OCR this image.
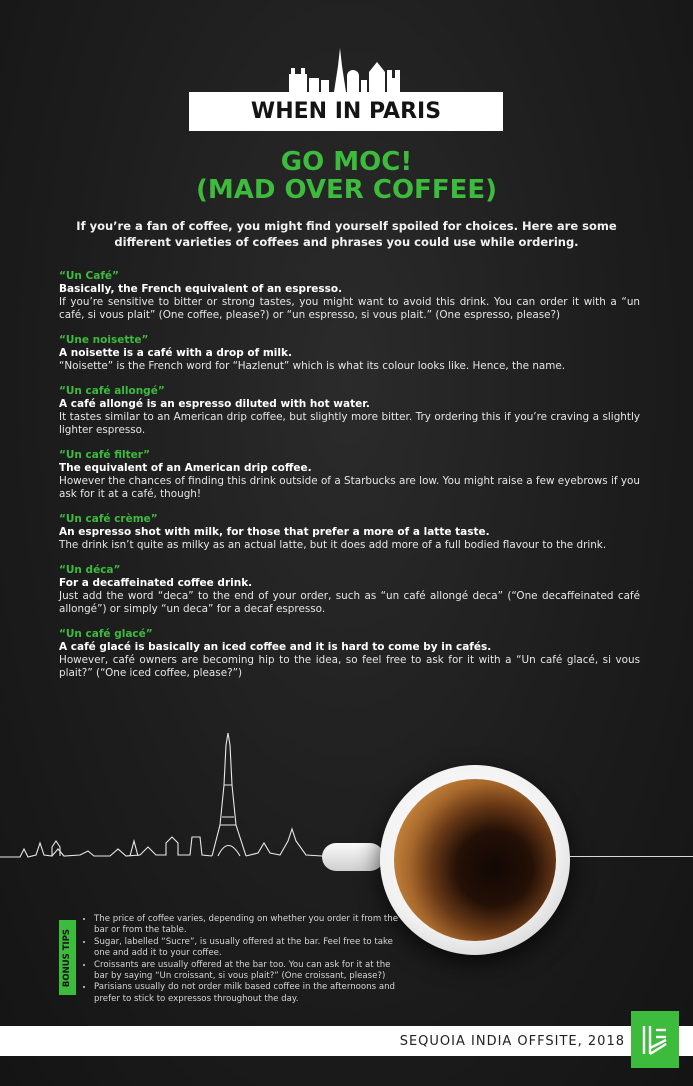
WHEN IN PARIS
GO MOC!
(MAD OVER COFFEE)
If you’re a fan of coffee, you might find yourself spoiled for choices. Here are some different varieties of coffees and phrases you could use while ordering.
“Un Café”
Basically, the French equivalent of an espresso.
If you’re sensitive to bitter or strong tastes, you might want to avoid this drink. You can order it with a “un café, si vous plait” (One coffee, please?) or “un espresso, si vous plait.” (One espresso, please?)
“Une noisette”
A noisette is a café with a drop of milk.
“Noisette” is the French word for “Hazlenut” which is what its colour looks like. Hence, the name.
“Un café allongé”
A café allongé is an espresso diluted with hot water.
It tastes similar to an American drip coffee, but slightly more bitter. Try ordering this if you’re craving a slightly lighter espresso.
“Un café filter”
The equivalent of an American drip coffee.
However the chances of finding this drink outside of a Starbucks are low. You might raise a few eyebrows if you ask for it at a café, though!
“Un café crème”
An espresso shot with milk, for those that prefer a more of a latte taste.
The drink isn’t quite as milky as an actual latte, but it does add more of a full bodied flavour to the drink.
“Un déca”
For a decaffeinated coffee drink.
Just add the word “deca” to the end of your order, such as “un café allongé deca” (“One decaffeinated café allongé”) or simply “un deca” for a decaf espresso.
“Un café glacé”
A café glacé is basically an iced coffee and it is hard to come by in cafés.
However, café owners are becoming hip to the idea, so feel free to ask for it with a “Un café glacé, si vous plait?” (“One iced coffee, please?”)
BONUS TIPS
• The price of coffee varies, depending on whether you order it from the bar or from the table.
• Sugar, labelled “Sucre”, is usually offered at the bar. Feel free to take one and add it to your coffee.
• Croissants are usually offered at the bar too. You can ask for it at the bar by saying “Un croissant, si vous plait?” (One croissant, please?)
• Parisians usually do not order milk based coffee in the afternoons and prefer to stick to expressos throughout the day.
SEQUOIA INDIA OFFSITE, 2018
